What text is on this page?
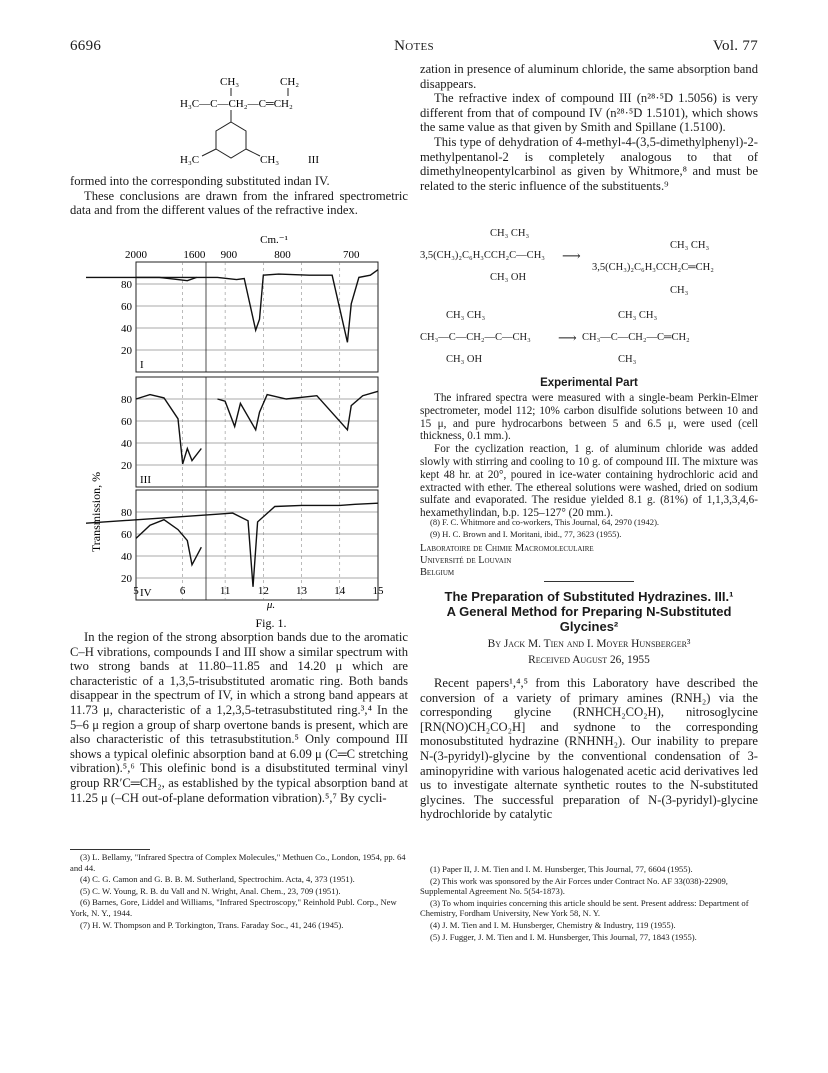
6696	Notes	Vol. 77
CH₃	CH₂
H₃C—C—CH₂—C═CH₂
H₃C	CH₃	III

formed into the corresponding substituted indan IV.

These conclusions are drawn from the infrared spectrometric data and from the different values of the refractive index.

Cm.⁻¹
2000	1600 900	800	700
Transmission, %
80
60
40
20
I
80
60
40
20
III
80
60
40
20
IV
5	6	11 12 13 14 15
μ.
Fig. 1.

In the region of the strong absorption bands due to the aromatic C–H vibrations, compounds I and III show a similar spectrum with two strong bands at 11.80–11.85 and 14.20 μ which are characteristic of a 1,3,5-trisubstituted aromatic ring. Both bands disappear in the spectrum of IV, in which a strong band appears at 11.73 μ, characteristic of a 1,2,3,5-tetrasubstituted ring.³,⁴ In the 5–6 μ region a group of sharp overtone bands is present, which are also characteristic of this tetrasubstitution.⁵ Only compound III shows a typical olefinic absorption band at 6.09 μ (C═C stretching vibration).⁵,⁶ This olefinic bond is a disubstituted terminal vinyl group RR′C═CH₂, as established by the typical absorption band at 11.25 μ (–CH out-of-plane deformation vibration).⁵,⁷ By cycli-

(3) L. Bellamy, "Infrared Spectra of Complex Molecules," Methuen Co., London, 1954, pp. 64 and 44.

(4) C. G. Camon and G. B. B. M. Sutherland, Spectrochim. Acta, 4, 373 (1951).

(5) C. W. Young, R. B. du Vall and N. Wright, Anal. Chem., 23, 709 (1951).

(6) Barnes, Gore, Liddel and Williams, "Infrared Spectroscopy," Reinhold Publ. Corp., New York, N. Y., 1944.

(7) H. W. Thompson and P. Torkington, Trans. Faraday Soc., 41, 246 (1945).

zation in presence of aluminum chloride, the same absorption band disappears.

The refractive index of compound III (n²⁸·⁵D 1.5056) is very different from that of compound IV (n²⁸·⁵D 1.5101), which shows the same value as that given by Smith and Spillane (1.5100).

This type of dehydration of 4-methyl-4-(3,5-dimethylphenyl)-2-methylpentanol-2 is completely analogous to that of dimethylneopentylcarbinol as given by Whitmore,⁸ and must be related to the steric influence of the substituents.⁹

CH₃ CH₃
3,5(CH₃)₂C₆H₃CCH₂C—CH₃ ⟶
CH₃ OH
CH₃ CH₃
3,5(CH₃)₂C₆H₃CCH₂C═CH₂
CH₃
CH₃ CH₃	CH₃ CH₃
CH₃—C—CH₂—C—CH₃ ⟶ CH₃—C—CH₂—C═CH₂
CH₃ OH	CH₃
Experimental Part

The infrared spectra were measured with a single-beam Perkin-Elmer spectrometer, model 112; 10% carbon disulfide solutions between 10 and 15 μ, and pure hydrocarbons between 5 and 6.5 μ, were used (cell thickness, 0.1 mm.).

For the cyclization reaction, 1 g. of aluminum chloride was added slowly with stirring and cooling to 10 g. of compound III. The mixture was kept 48 hr. at 20°, poured in ice-water containing hydrochloric acid and extracted with ether. The ethereal solutions were washed, dried on sodium sulfate and evaporated. The residue yielded 8.1 g. (81%) of 1,1,3,3,4,6-hexamethylindan, b.p. 125–127° (20 mm.).

(8) F. C. Whitmore and co-workers, This Journal, 64, 2970 (1942).

(9) H. C. Brown and I. Moritani, ibid., 77, 3623 (1955).

Laboratoire de Chimie Macromoleculaire
Université de Louvain
Belgium
The Preparation of Substituted Hydrazines. III.¹
A General Method for Preparing N-Substituted
Glycines²
By Jack M. Tien and I. Moyer Hunsberger³
Received August 26, 1955

Recent papers¹,⁴,⁵ from this Laboratory have described the conversion of a variety of primary amines (RNH₂) via the corresponding glycine (RNHCH₂CO₂H), nitrosoglycine [RN(NO)CH₂CO₂H] and sydnone to the corresponding monosubstituted hydrazine (RNHNH₂). Our inability to prepare N-(3-pyridyl)-glycine by the conventional condensation of 3-aminopyridine with various halogenated acetic acid derivatives led us to investigate alternate synthetic routes to the N-substituted glycines. The successful preparation of N-(3-pyridyl)-glycine hydrochloride by catalytic

(1) Paper II, J. M. Tien and I. M. Hunsberger, This Journal, 77, 6604 (1955).

(2) This work was sponsored by the Air Forces under Contract No. AF 33(038)-22909, Supplemental Agreement No. 5(54-1873).

(3) To whom inquiries concerning this article should be sent. Present address: Department of Chemistry, Fordham University, New York 58, N. Y.

(4) J. M. Tien and I. M. Hunsberger, Chemistry & Industry, 119 (1955).

(5) J. Fugger, J. M. Tien and I. M. Hunsberger, This Journal, 77, 1843 (1955).
